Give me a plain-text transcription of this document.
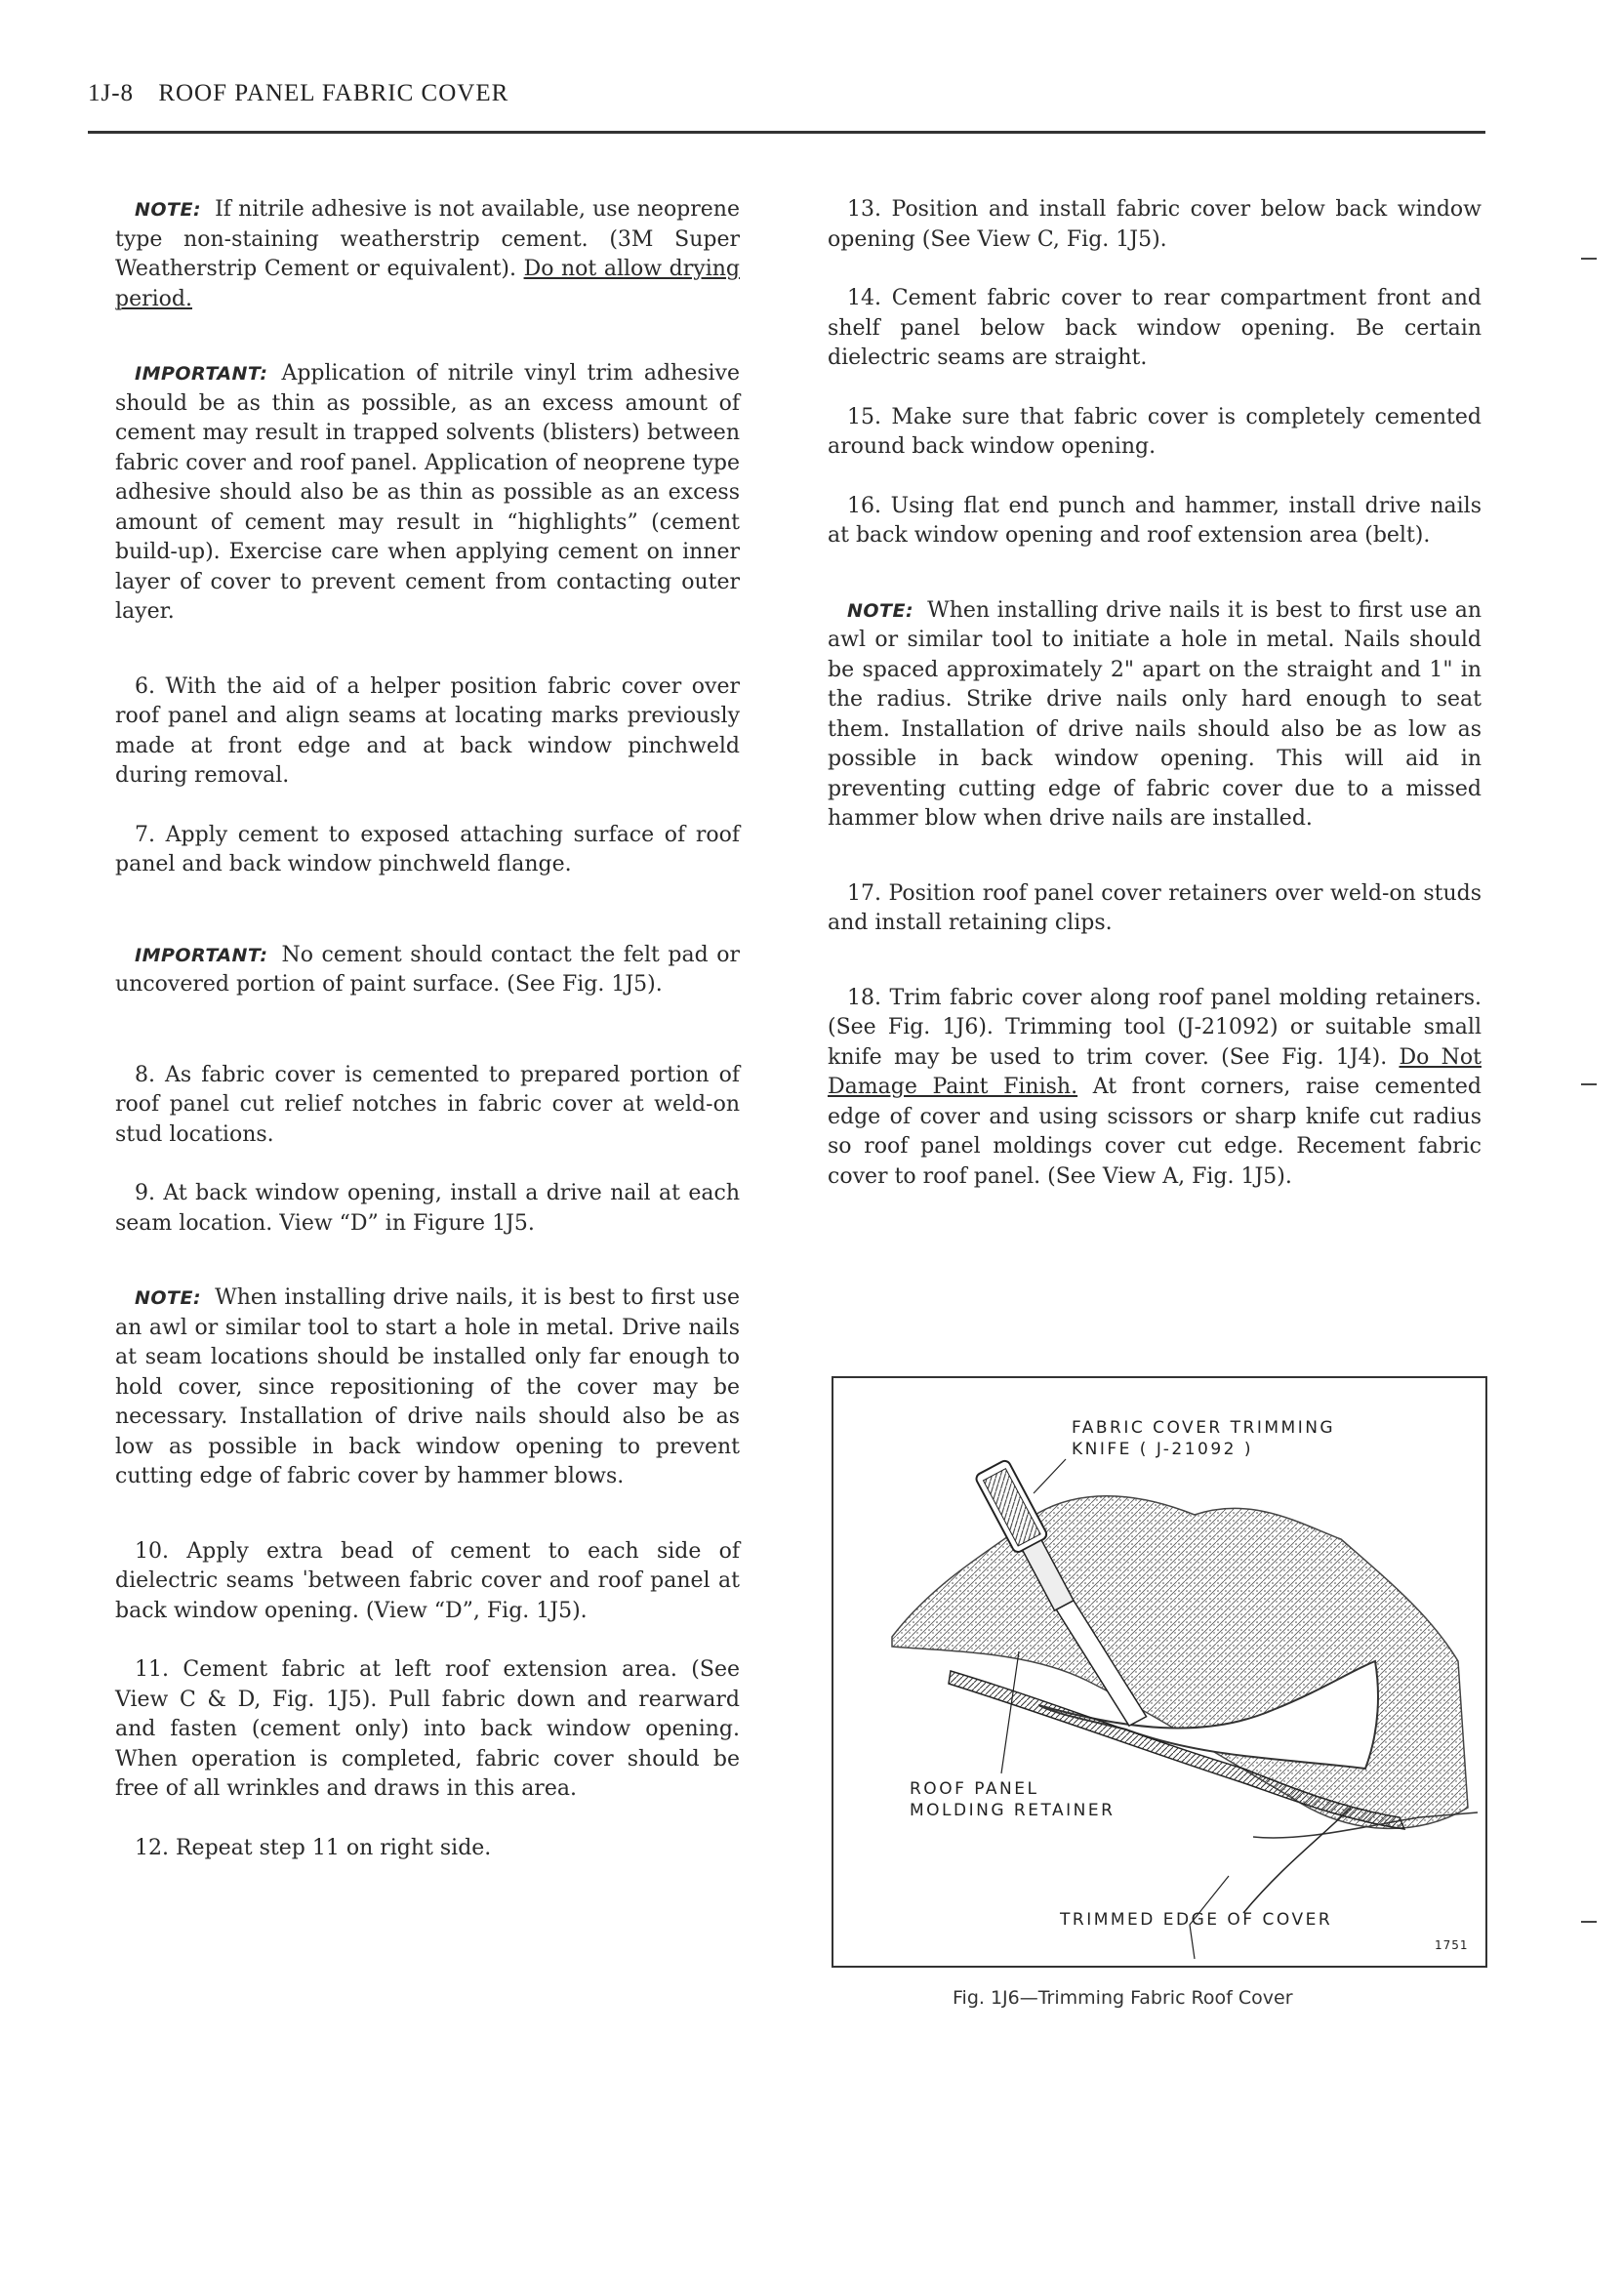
1J-8 ROOF PANEL FABRIC COVER

NOTE: If nitrile adhesive is not available, use neoprene type non-staining weatherstrip cement. (3M Super Weatherstrip Cement or equivalent). Do not allow drying period.

IMPORTANT: Application of nitrile vinyl trim adhesive should be as thin as possible, as an excess amount of cement may result in trapped solvents (blisters) between fabric cover and roof panel. Application of neoprene type adhesive should also be as thin as possible as an excess amount of cement may result in “highlights” (cement build-up). Exercise care when applying cement on inner layer of cover to prevent cement from contacting outer layer.

6. With the aid of a helper position fabric cover over roof panel and align seams at locating marks previously made at front edge and at back window pinchweld during removal.

7. Apply cement to exposed attaching surface of roof panel and back window pinchweld flange.

IMPORTANT: No cement should contact the felt pad or uncovered portion of paint surface. (See Fig. 1J5).

8. As fabric cover is cemented to prepared portion of roof panel cut relief notches in fabric cover at weld-on stud locations.

9. At back window opening, install a drive nail at each seam location. View “D” in Figure 1J5.

NOTE: When installing drive nails, it is best to first use an awl or similar tool to start a hole in metal. Drive nails at seam locations should be installed only far enough to hold cover, since repositioning of the cover may be necessary. Installation of drive nails should also be as low as possible in back window opening to prevent cutting edge of fabric cover by hammer blows.

10. Apply extra bead of cement to each side of dielectric seams ˈbetween fabric cover and roof panel at back window opening. (View “D”, Fig. 1J5).

11. Cement fabric at left roof extension area. (See View C & D, Fig. 1J5). Pull fabric down and rearward and fasten (cement only) into back window opening. When operation is completed, fabric cover should be free of all wrinkles and draws in this area.

12. Repeat step 11 on right side.

13. Position and install fabric cover below back window opening (See View C, Fig. 1J5).

14. Cement fabric cover to rear compartment front and shelf panel below back window opening. Be certain dielectric seams are straight.

15. Make sure that fabric cover is completely cemented around back window opening.

16. Using flat end punch and hammer, install drive nails at back window opening and roof extension area (belt).

NOTE: When installing drive nails it is best to first use an awl or similar tool to initiate a hole in metal. Nails should be spaced approximately 2" apart on the straight and 1" in the radius. Strike drive nails only hard enough to seat them. Installation of drive nails should also be as low as possible in back window opening. This will aid in preventing cutting edge of fabric cover due to a missed hammer blow when drive nails are installed.

17. Position roof panel cover retainers over weld-on studs and install retaining clips.

18. Trim fabric cover along roof panel molding retainers. (See Fig. 1J6). Trimming tool (J-21092) or suitable small knife may be used to trim cover. (See Fig. 1J4). Do Not Damage Paint Finish. At front corners, raise cemented edge of cover and using scissors or sharp knife cut radius so roof panel moldings cover cut edge. Recement fabric cover to roof panel. (See View A, Fig. 1J5).

FABRIC COVER TRIMMING
KNIFE ( J-21092 )
ROOF PANEL
MOLDING RETAINER
TRIMMED EDGE OF COVER
1751
Fig. 1J6—Trimming Fabric Roof Cover
